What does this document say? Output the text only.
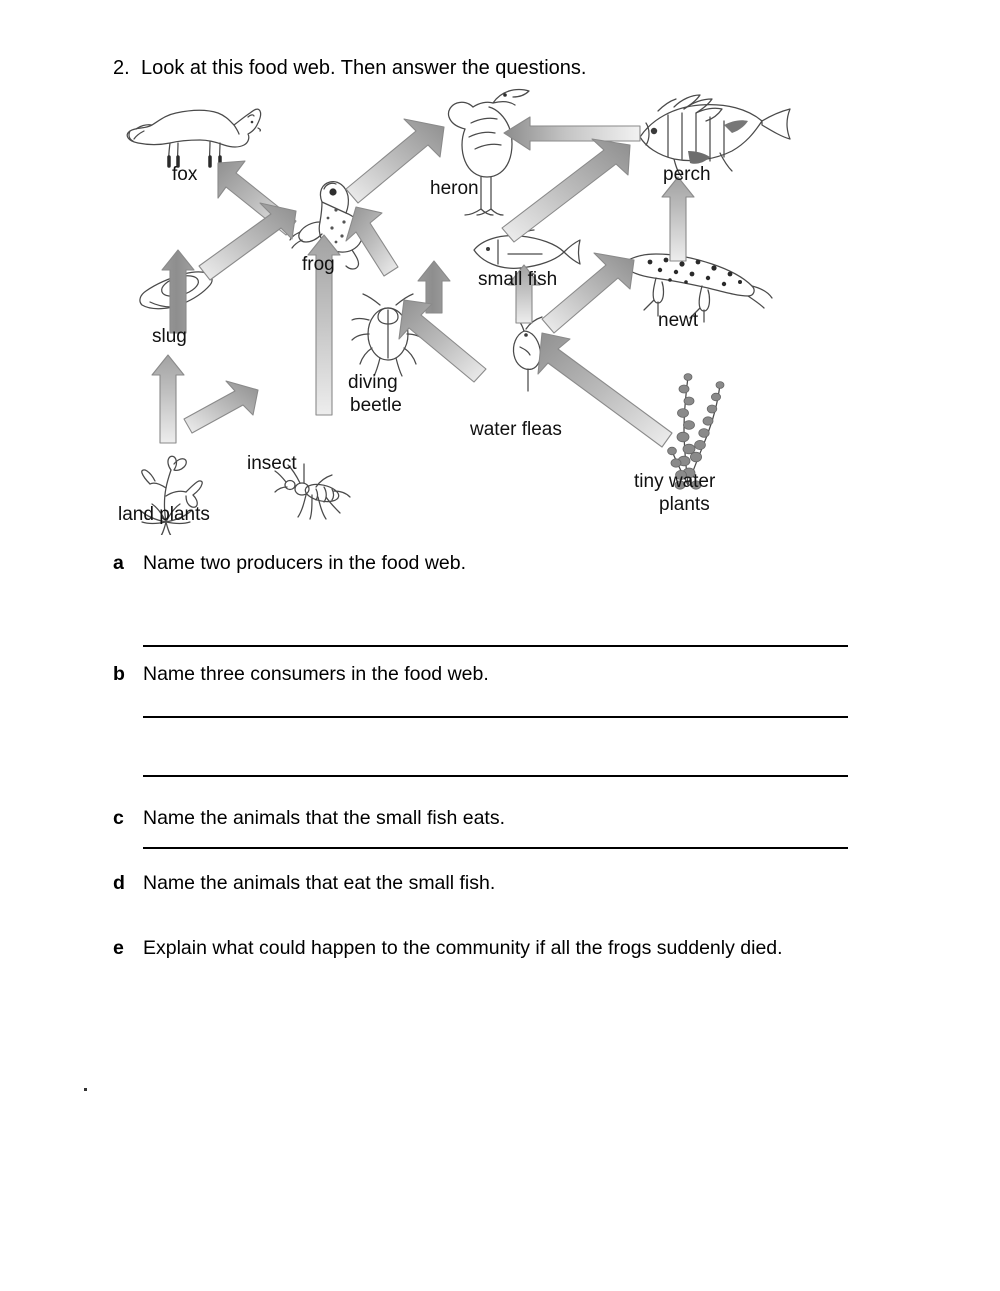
2. Look at this food web. Then answer the questions.
fox
heron
perch
frog
small fish
newt
slug
diving
beetle
water fleas
insect
land plants
tiny water
plants
a Name two producers in the food web.
b Name three consumers in the food web.
c Name the animals that the small fish eats.
d Name the animals that eat the small fish.
e Explain what could happen to the community if all the frogs suddenly died.
